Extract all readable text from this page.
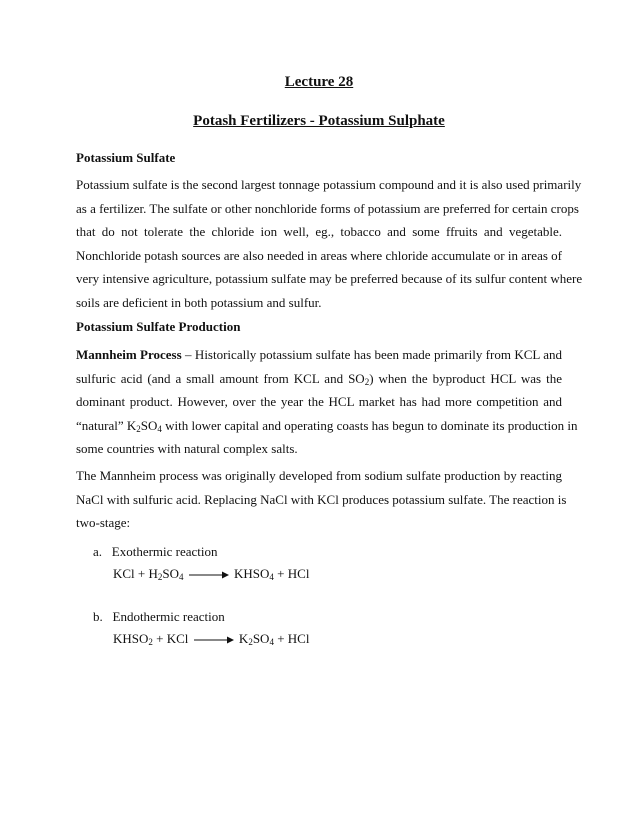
Lecture 28
Potash Fertilizers - Potassium Sulphate
Potassium Sulfate
Potassium sulfate is the second largest tonnage potassium compound and it is also used primarily
as a fertilizer. The sulfate or other nonchloride forms of potassium are preferred for certain crops
that do not tolerate the chloride ion well, eg., tobacco and some ffruits and vegetable.
Nonchloride potash sources are also needed in areas where chloride accumulate or in areas of
very intensive agriculture, potassium sulfate may be preferred because of its sulfur content where
soils are deficient in both potassium and sulfur.
Potassium Sulfate Production
Mannheim Process – Historically potassium sulfate has been made primarily from KCL and
sulfuric acid (and a small amount from KCL and $SO_2$) when the byproduct HCL was the
dominant product. However, over the year the HCL market has had more competition and
“natural” $K_2SO_4$ with lower capital and operating coasts has begun to dominate its production in
some countries with natural complex salts.
The Mannheim process was originally developed from sodium sulfate production by reacting
NaCl with sulfuric acid. Replacing NaCl with KCl produces potassium sulfate. The reaction is
two-stage:
a.   Exothermic reaction
KCl + $H_2SO_4$ → $KHSO_4$ + HCl
b.   Endothermic reaction
$KHSO_2$ + KCl → $K_2SO_4$ + HCl
